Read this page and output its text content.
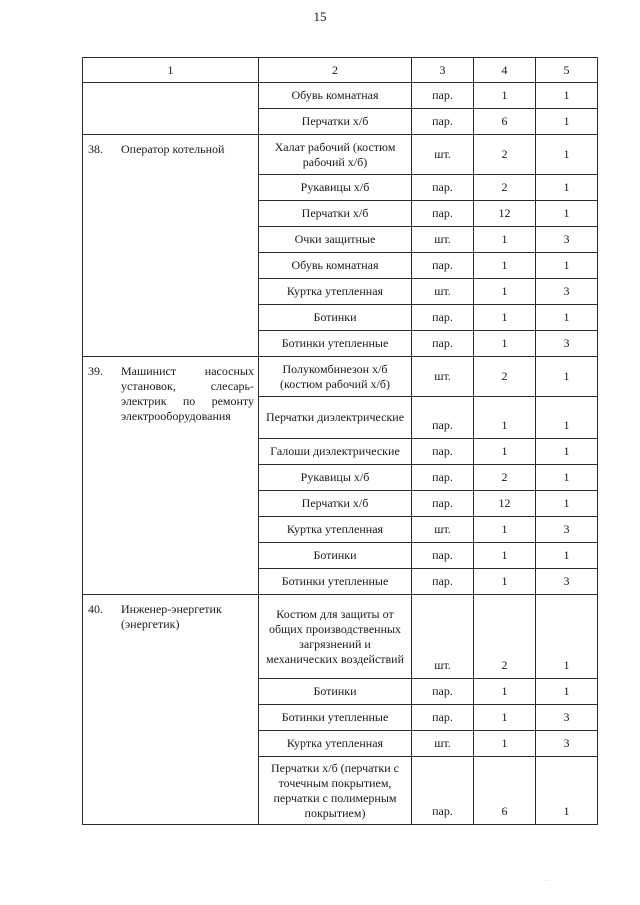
15
1	2	3	4	5
	Обувь комнатная	пар.	1	1
	Перчатки х/б	пар.	6	1

38. Оператор котельной	Халат рабочий (костюм рабочий х/б)	шт.	2	1
	Рукавицы х/б	пар.	2	1
	Перчатки х/б	пар.	12	1
	Очки защитные	шт.	1	3
	Обувь комнатная	пар.	1	1
	Куртка утепленная	шт.	1	3
	Ботинки	пар.	1	1
	Ботинки утепленные	пар.	1	3

39. Машинист насосных установок, слесарь-электрик по ремонту электрооборудования	Полукомбинезон х/б (костюм рабочий х/б)	шт.	2	1
	Перчатки диэлектрические	пар.	1	1
	Галоши диэлектрические	пар.	1	1
	Рукавицы х/б	пар.	2	1
	Перчатки х/б	пар.	12	1
	Куртка утепленная	шт.	1	3
	Ботинки	пар.	1	1
	Ботинки утепленные	пар.	1	3

40. Инженер-энергетик (энергетик)	Костюм для защиты от общих производственных загрязнений и механических воздействий	шт.	2	1
	Ботинки	пар.	1	1
	Ботинки утепленные	пар.	1	3
	Куртка утепленная	шт.	1	3
	Перчатки х/б (перчатки с точечным покрытием, перчатки с полимерным покрытием)	пар.	6	1
. .
